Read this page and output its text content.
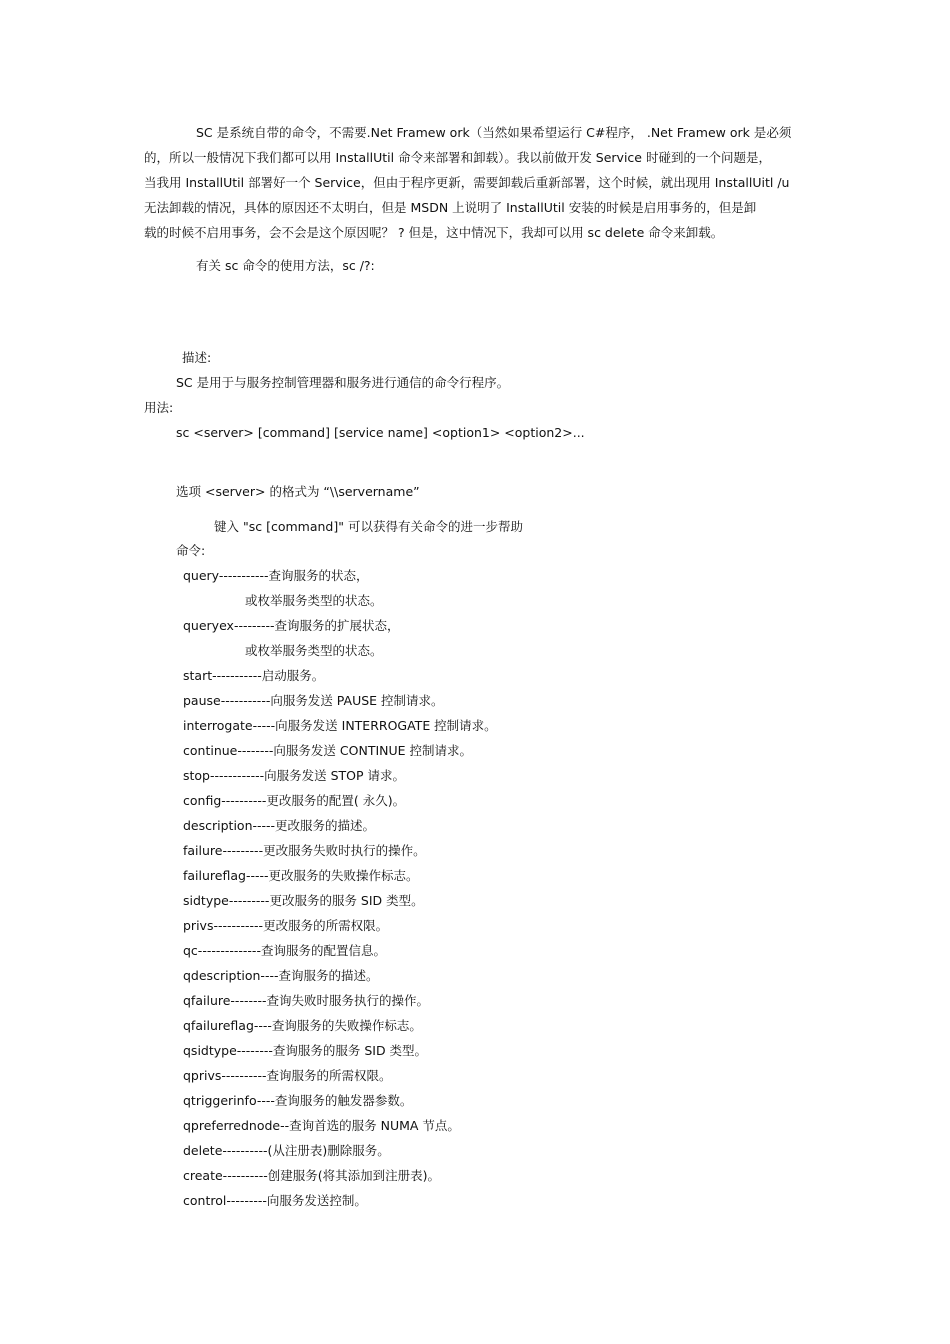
SC 是系统自带的命令，不需要.Net Framew ork（当然如果希望运行 C#程序， .Net Framew ork 是必须
的，所以一般情况下我们都可以用 InstallUtil 命令来部署和卸载）。我以前做开发 Service 时碰到的一个问题是，
当我用 InstallUtil 部署好一个 Service，但由于程序更新，需要卸载后重新部署，这个时候，就出现用 InstallUitl /u
无法卸载的情况，具体的原因还不太明白，但是 MSDN 上说明了 InstallUtil 安装的时候是启用事务的，但是卸
载的时候不启用事务，会不会是这个原因呢？ ? 但是，这中情况下，我却可以用 sc delete 命令来卸载。
有关 sc 命令的使用方法，sc /?:
描述:
SC 是用于与服务控制管理器和服务进行通信的命令行程序。
用法:
sc <server> [command] [service name] <option1> <option2>...
选项 <server> 的格式为 “\\servername”
键入 "sc [command]" 可以获得有关命令的进一步帮助
命令:
query-----------查询服务的状态，
或枚举服务类型的状态。
queryex---------查询服务的扩展状态，
或枚举服务类型的状态。
start-----------启动服务。
pause-----------向服务发送 PAUSE 控制请求。
interrogate-----向服务发送 INTERROGATE 控制请求。
continue--------向服务发送 CONTINUE 控制请求。
stop------------向服务发送 STOP 请求。
config----------更改服务的配置( 永久)。
description-----更改服务的描述。
failure---------更改服务失败时执行的操作。
failureflag-----更改服务的失败操作标志。
sidtype---------更改服务的服务 SID 类型。
privs-----------更改服务的所需权限。
qc--------------查询服务的配置信息。
qdescription----查询服务的描述。
qfailure--------查询失败时服务执行的操作。
qfailureflag----查询服务的失败操作标志。
qsidtype--------查询服务的服务 SID 类型。
qprivs----------查询服务的所需权限。
qtriggerinfo----查询服务的触发器参数。
qpreferrednode--查询首选的服务 NUMA 节点。
delete----------(从注册表)删除服务。
create----------创建服务(将其添加到注册表)。
control---------向服务发送控制。
